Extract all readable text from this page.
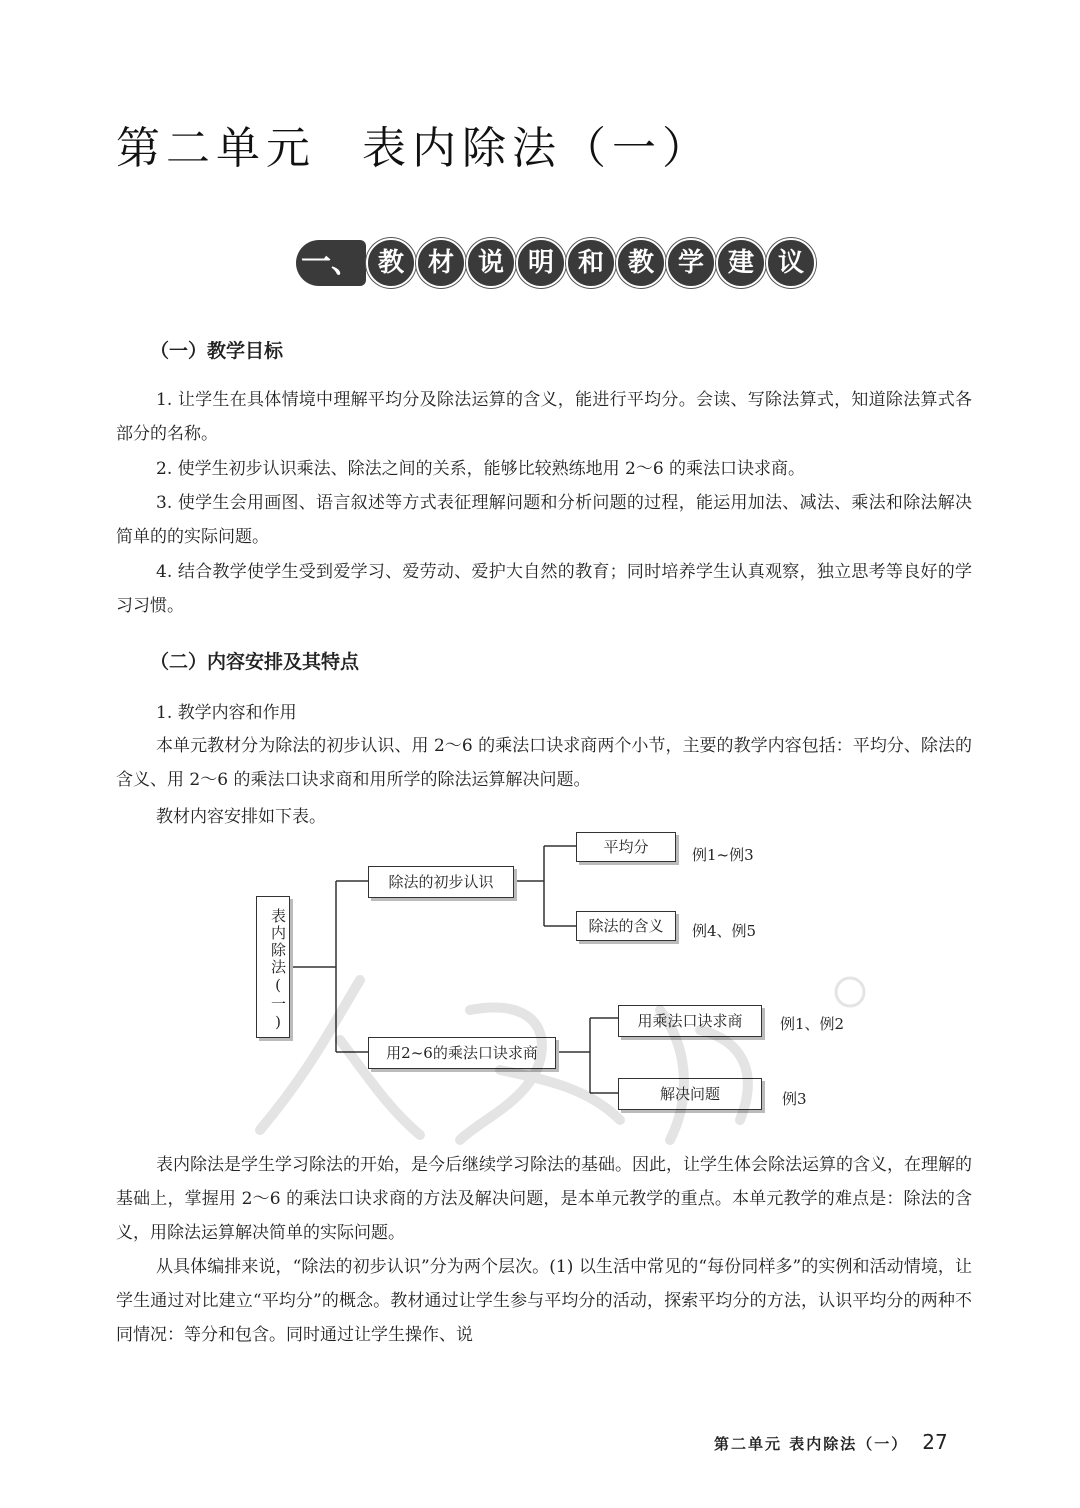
第二单元 表内除法（一）
一、 教 材 说 明 和 教 学 建 议
（一）教学目标

1. 让学生在具体情境中理解平均分及除法运算的含义，能进行平均分。会读、写除法算式，知道除法算式各部分的名称。

2. 使学生初步认识乘法、除法之间的关系，能够比较熟练地用 2～6 的乘法口诀求商。

3. 使学生会用画图、语言叙述等方式表征理解问题和分析问题的过程，能运用加法、减法、乘法和除法解决简单的的实际问题。

4. 结合教学使学生受到爱学习、爱劳动、爱护大自然的教育；同时培养学生认真观察，独立思考等良好的学习习惯。

（二）内容安排及其特点

1. 教学内容和作用

本单元教材分为除法的初步认识、用 2～6 的乘法口诀求商两个小节，主要的教学内容包括：平均分、除法的含义、用 2～6 的乘法口诀求商和用所学的除法运算解决问题。

教材内容安排如下表。

表内除法(一)
除法的初步认识
平均分	例1~例3
除法的含义	例4、例5
用2~6的乘法口诀求商
用乘法口诀求商	例1、例2
解决问题	例3

表内除法是学生学习除法的开始，是今后继续学习除法的基础。因此，让学生体会除法运算的含义，在理解的基础上，掌握用 2～6 的乘法口诀求商的方法及解决问题，是本单元教学的重点。本单元教学的难点是：除法的含义，用除法运算解决简单的实际问题。

从具体编排来说，“除法的初步认识”分为两个层次。(1) 以生活中常见的“每份同样多”的实例和活动情境，让学生通过对比建立“平均分”的概念。教材通过让学生参与平均分的活动，探索平均分的方法，认识平均分的两种不同情况：等分和包含。同时通过让学生操作、说

第二单元 表内除法（一） 27
